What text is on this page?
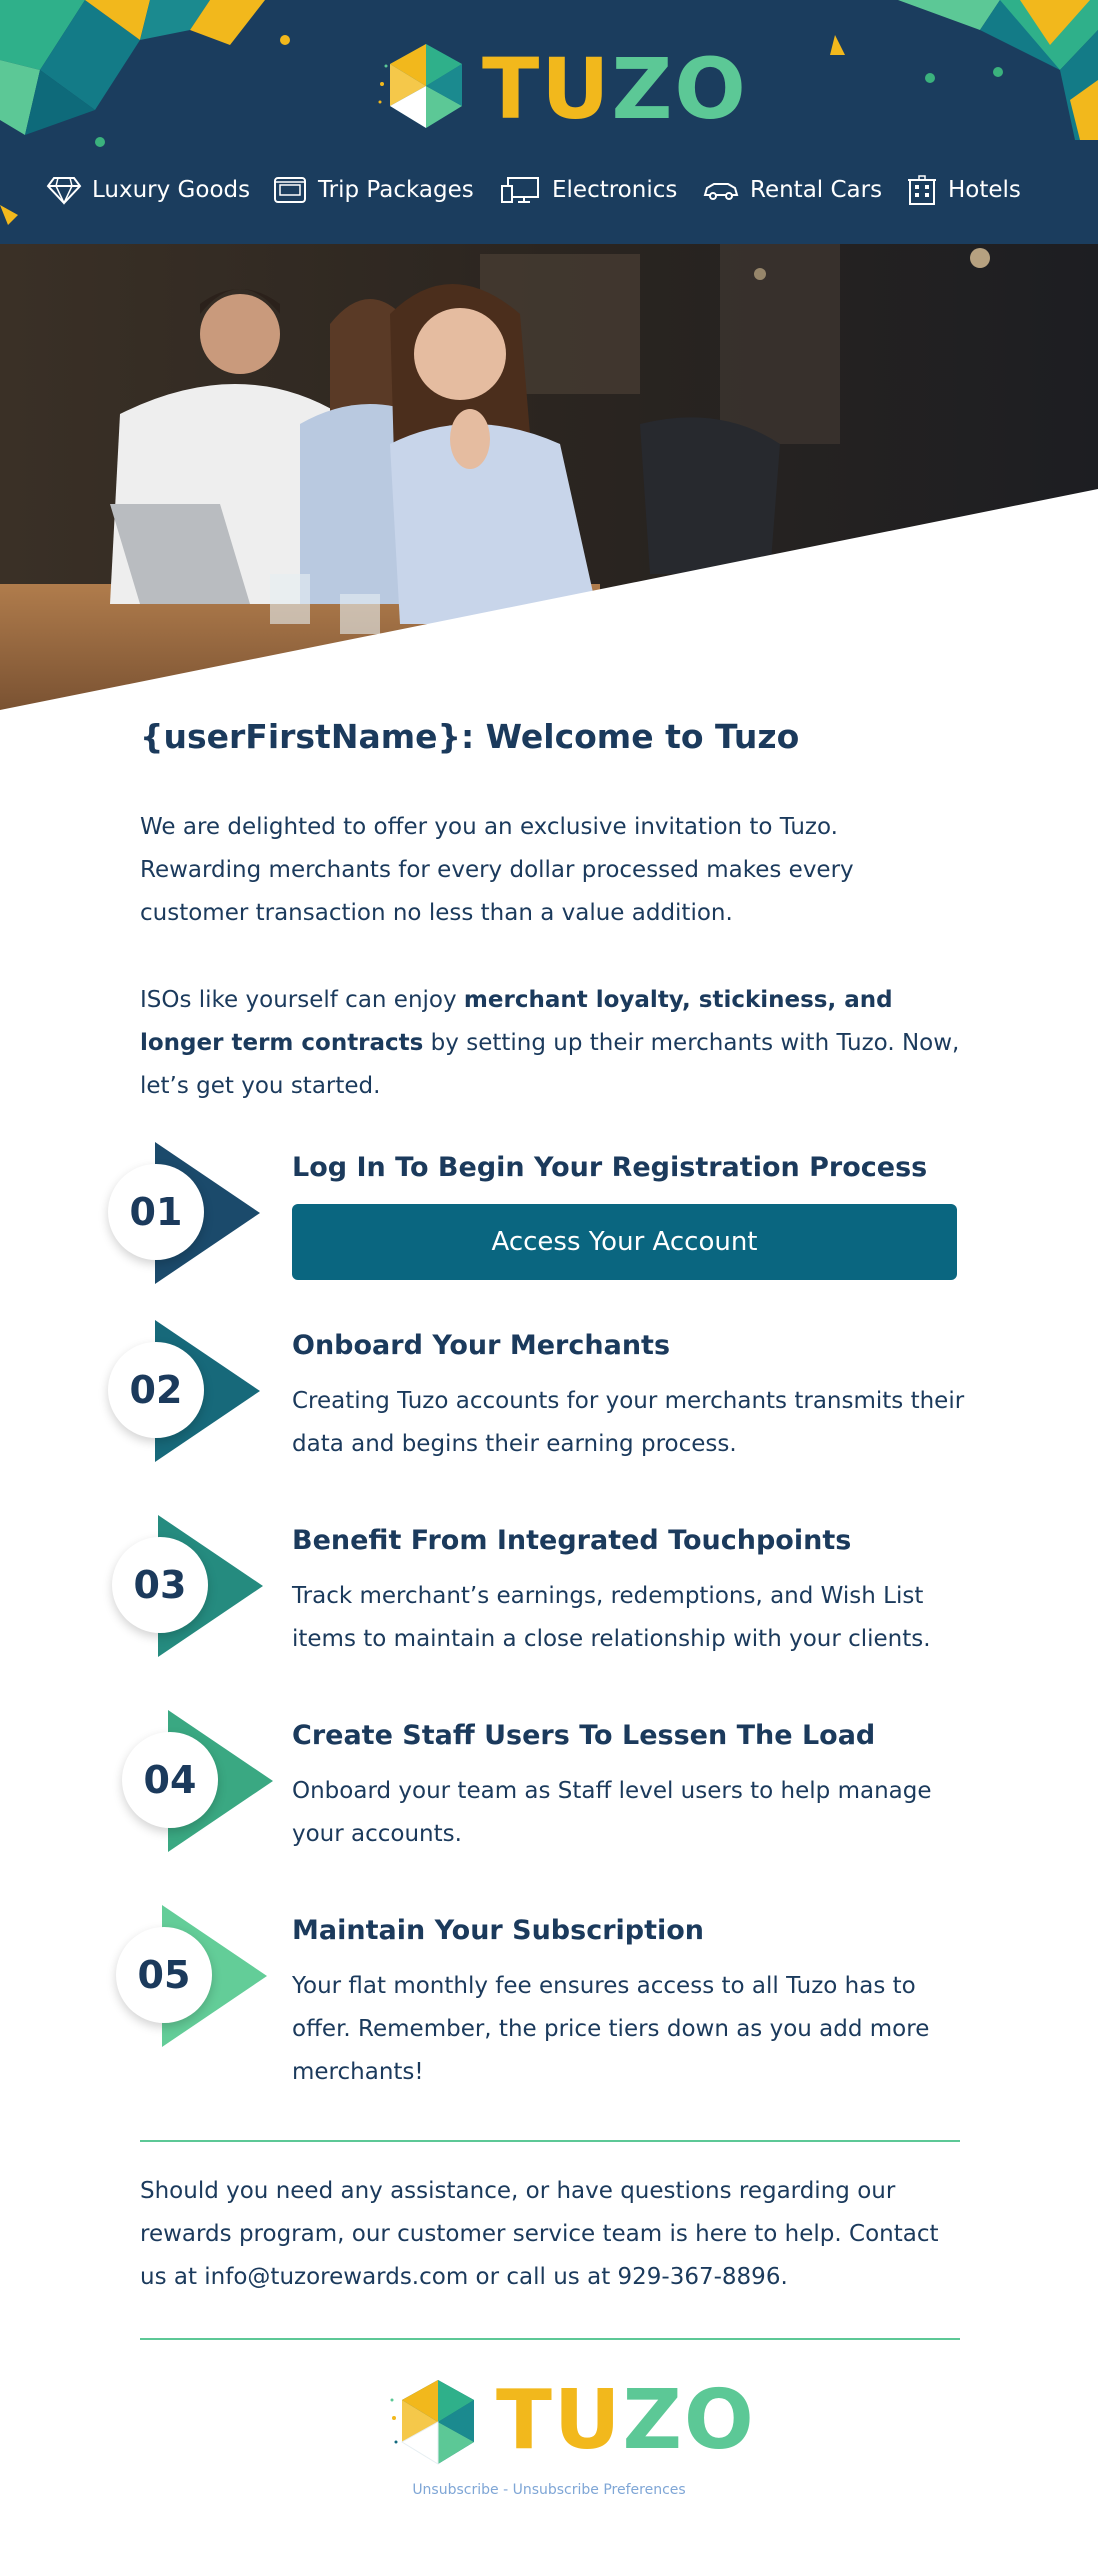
TUZO
Luxury Goods	Trip Packages	Electronics	Rental Cars	Hotels
{userFirstName}: Welcome to Tuzo
We are delighted to offer you an exclusive invitation to Tuzo. Rewarding merchants for every dollar processed makes every customer transaction no less than a value addition.
ISOs like yourself can enjoy merchant loyalty, stickiness, and longer term contracts by setting up their merchants with Tuzo. Now, let’s get you started.
01
Log In To Begin Your Registration Process
Access Your Account
02
Onboard Your Merchants
Creating Tuzo accounts for your merchants transmits their data and begins their earning process.
03
Benefit From Integrated Touchpoints
Track merchant’s earnings, redemptions, and Wish List items to maintain a close relationship with your clients.
04
Create Staff Users To Lessen The Load
Onboard your team as Staff level users to help manage your accounts.
05
Maintain Your Subscription
Your flat monthly fee ensures access to all Tuzo has to offer. Remember, the price tiers down as you add more merchants!
Should you need any assistance, or have questions regarding our rewards program, our customer service team is here to help. Contact us at info@tuzorewards.com or call us at 929-367-8896.
TUZO
Unsubscribe - Unsubscribe Preferences
